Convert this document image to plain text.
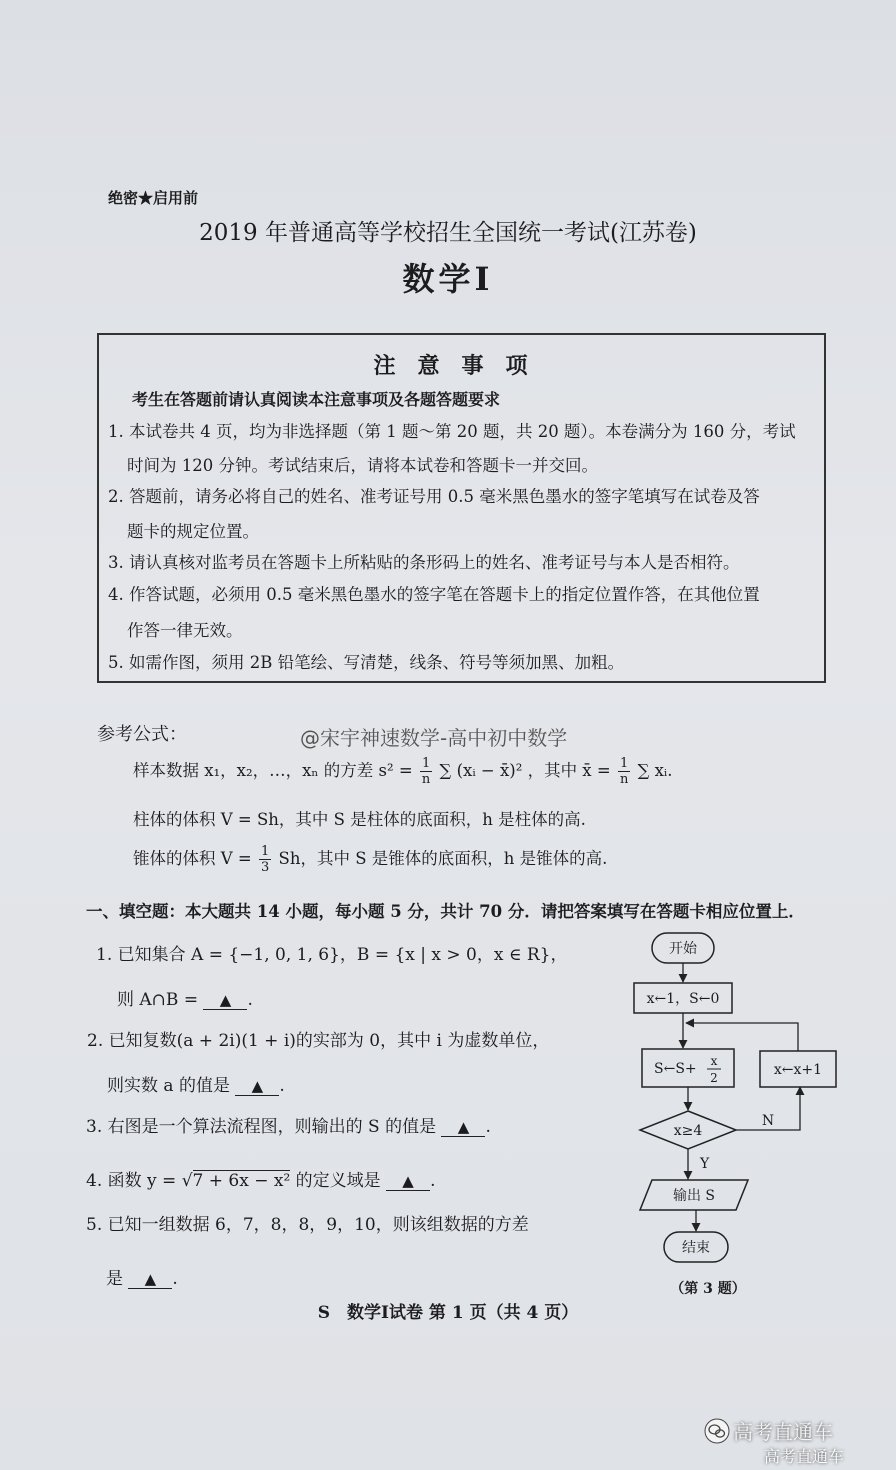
绝密★启用前
2019 年普通高等学校招生全国统一考试(江苏卷)
数学Ⅰ
注意事项
考生在答题前请认真阅读本注意事项及各题答题要求
1. 本试卷共 4 页，均为非选择题（第 1 题～第 20 题，共 20 题）。本卷满分为 160 分，考试
时间为 120 分钟。考试结束后，请将本试卷和答题卡一并交回。
2. 答题前，请务必将自己的姓名、准考证号用 0.5 毫米黑色墨水的签字笔填写在试卷及答
题卡的规定位置。
3. 请认真核对监考员在答题卡上所粘贴的条形码上的姓名、准考证号与本人是否相符。
4. 作答试题，必须用 0.5 毫米黑色墨水的签字笔在答题卡上的指定位置作答，在其他位置
作答一律无效。
5. 如需作图，须用 2B 铅笔绘、写清楚，线条、符号等须加黑、加粗。
参考公式：	@宋宇神速数学-高中初中数学
样本数据 x₁，x₂，…，xₙ 的方差 $s^2 = \frac{1}{n}$ ∑ (xᵢ − x̄)² ，其中 x̄ = $\frac{1}{n}$ ∑ xᵢ.
柱体的体积 V = Sh，其中 S 是柱体的底面积，h 是柱体的高.
锥体的体积 $V = \frac{1}{3}$ Sh，其中 S 是锥体的底面积，h 是锥体的高.
一、填空题：本大题共 14 小题，每小题 5 分，共计 70 分．请把答案填写在答题卡相应位置上．
1. 已知集合 A = {−1, 0, 1, 6}，B = {x | x > 0，x ∈ R}，
则 A∩B = ▲ .
2. 已知复数(a + 2i)(1 + i)的实部为 0，其中 i 为虚数单位，
则实数 a 的值是 ▲ .
3. 右图是一个算法流程图，则输出的 S 的值是 ▲ .
4. 函数 y = √7 + 6x − x² 的定义域是 ▲ .
5. 已知一组数据 6，7，8，8，9，10，则该组数据的方差
是 ▲ .
开始
x←1，S←0
S←S+ x
2
x≥4
N
x←x+1
Y
输出 S
结束
（第 3 题）
S　数学Ⅰ试卷 第 1 页（共 4 页）
高考直通车
高考直通车
